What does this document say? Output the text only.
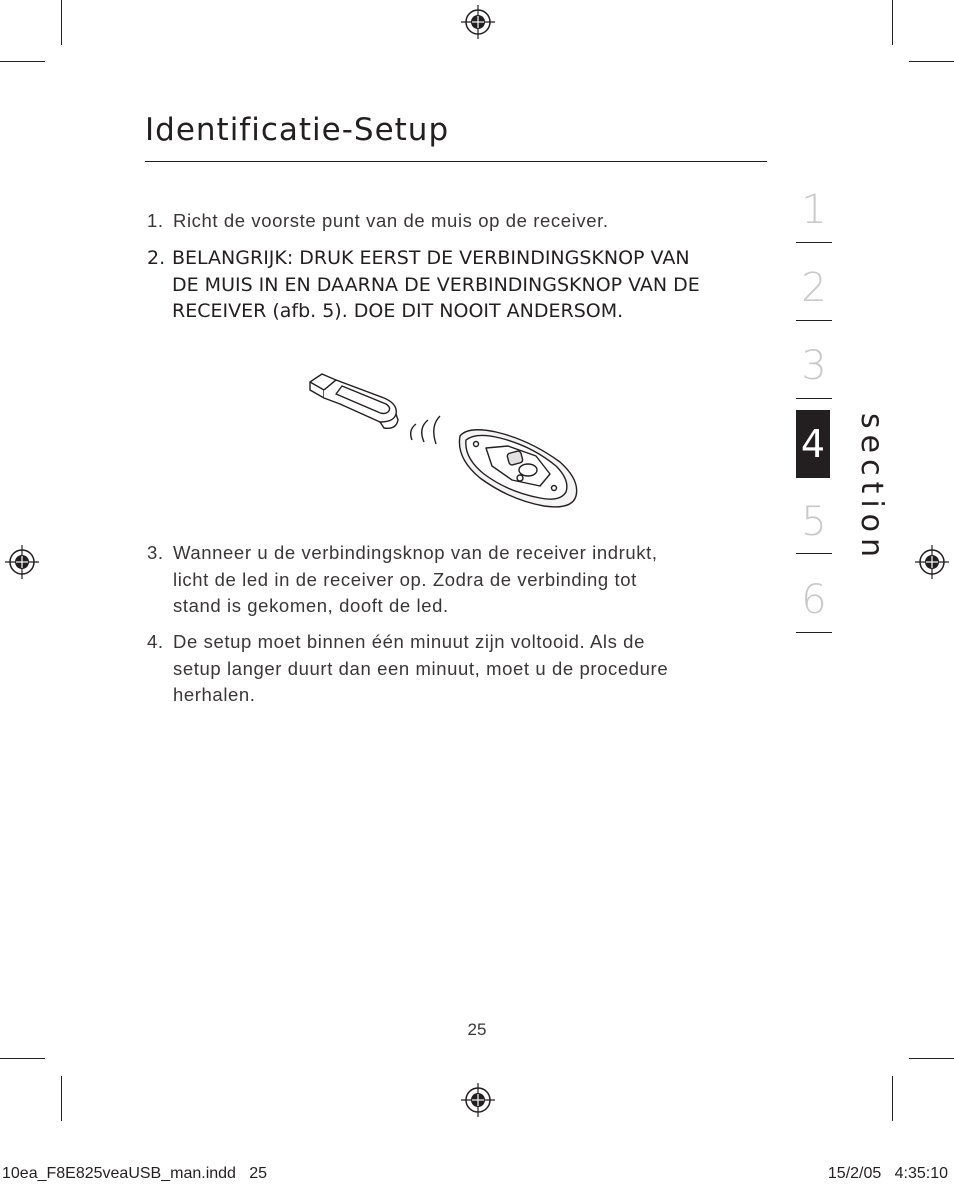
Identificatie-Setup
1. Richt de voorste punt van de muis op de receiver.
2. BELANGRIJK: DRUK EERST DE VERBINDINGSKNOP VAN
DE MUIS IN EN DAARNA DE VERBINDINGSKNOP VAN DE
RECEIVER (afb. 5). DOE DIT NOOIT ANDERSOM.
3. Wanneer u de verbindingsknop van de receiver indrukt,
licht de led in de receiver op. Zodra de verbinding tot
stand is gekomen, dooft de led.
4. De setup moet binnen één minuut zijn voltooid. Als de
setup langer duurt dan een minuut, moet u de procedure
herhalen.
1
2
3
4
5
6
section
25
10ea_F8E825veaUSB_man.indd   25	15/2/05   4:35:10
